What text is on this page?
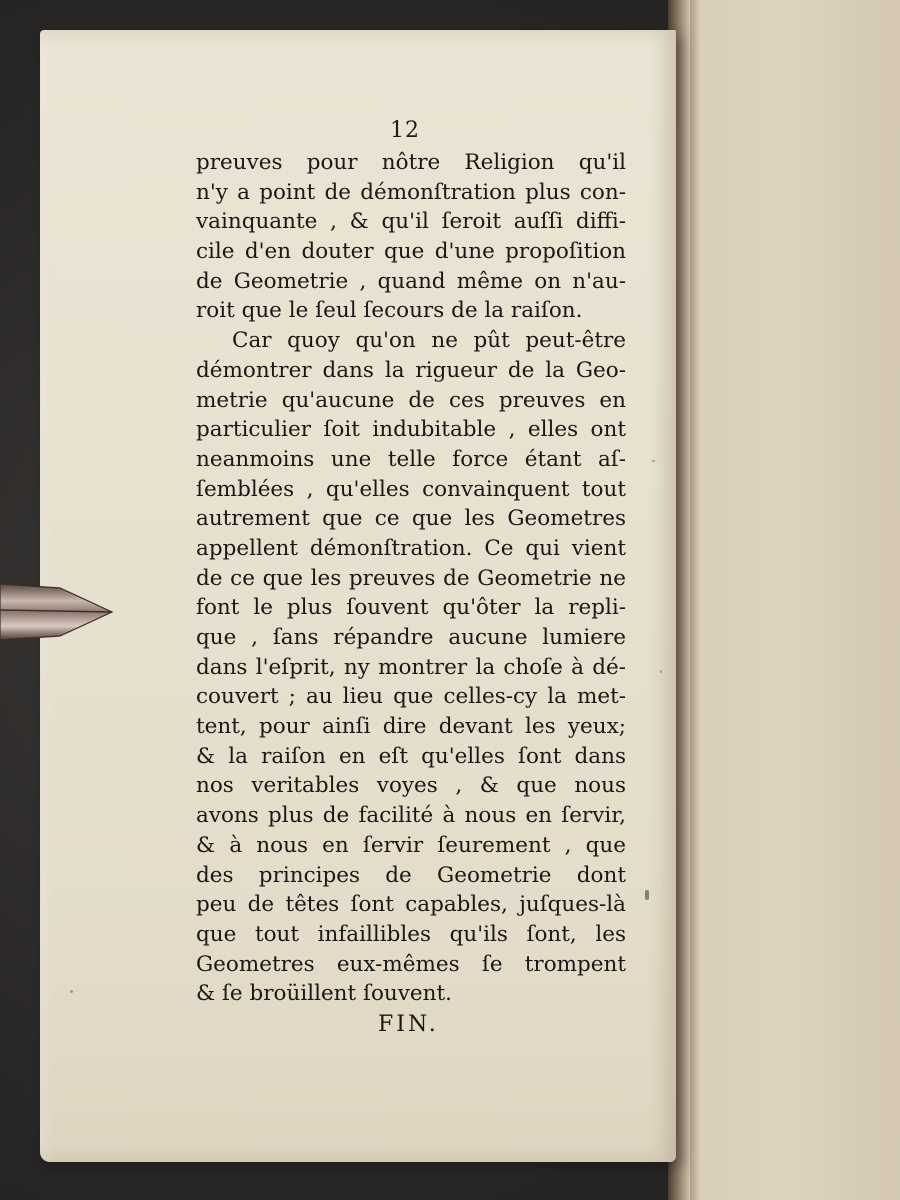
12
preuves pour nôtre Religion qu'il
n'y a point de démonſtration plus con-
vainquante , & qu'il ſeroit auſſi diffi-
cile d'en douter que d'une propoſition
de Geometrie , quand même on n'au-
roit que le ſeul ſecours de la raiſon.
Car quoy qu'on ne pût peut-être
démontrer dans la rigueur de la Geo-
metrie qu'aucune de ces preuves en
particulier ſoit indubitable , elles ont
neanmoins une telle force étant aſ-
ſemblées , qu'elles convainquent tout
autrement que ce que les Geometres
appellent démonſtration. Ce qui vient
de ce que les preuves de Geometrie ne
font le plus ſouvent qu'ôter la repli-
que , ſans répandre aucune lumiere
dans l'eſprit, ny montrer la choſe à dé-
couvert ; au lieu que celles-cy la met-
tent, pour ainſi dire devant les yeux;
& la raiſon en eſt qu'elles ſont dans
nos veritables voyes , & que nous
avons plus de facilité à nous en ſervir,
& à nous en ſervir ſeurement , que
des principes de Geometrie dont
peu de têtes ſont capables, juſques-là
que tout infaillibles qu'ils ſont, les
Geometres eux-mêmes ſe trompent
& ſe broüillent ſouvent.
FIN.
